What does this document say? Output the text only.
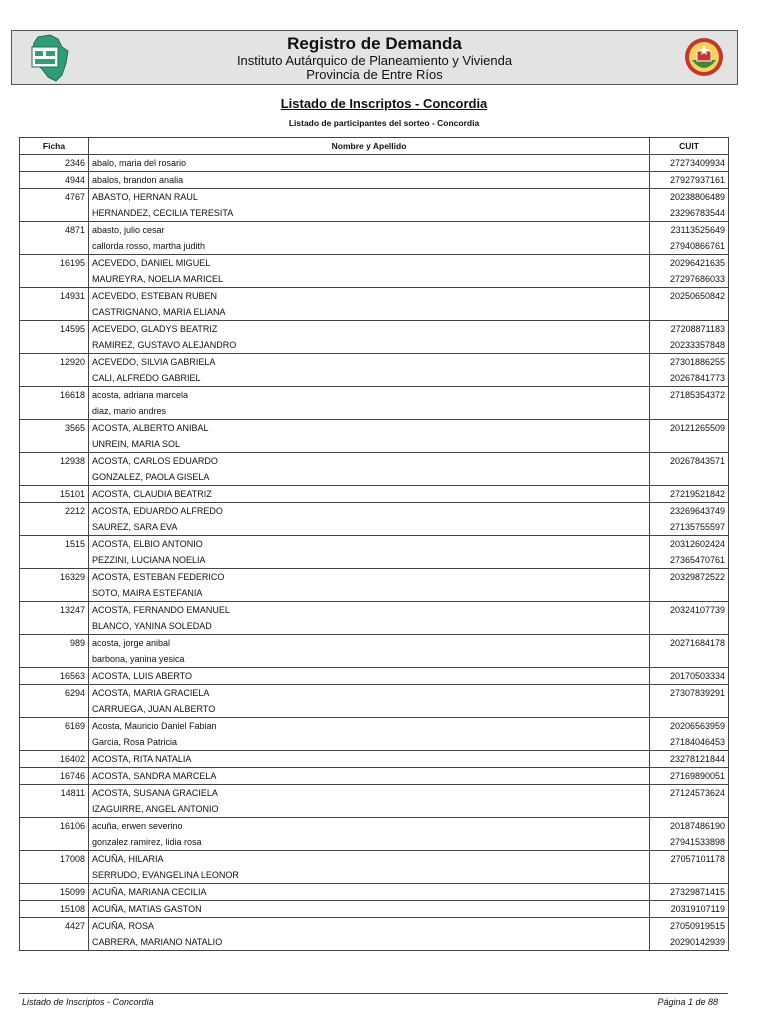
Registro de Demanda
Instituto Autárquico de Planeamiento y Vivienda
Provincia de Entre Ríos
Listado de Inscriptos - Concordia
Listado de participantes del sorteo - Concordia
Ficha	Nombre y Apellido	CUIT
2346	abalo, maria del rosario	27273409934
4944	abalos, brandon analia	27927937161
4767	ABASTO, HERNAN RAUL	20238806489
	HERNANDEZ, CECILIA TERESITA	23296783544
4871	abasto, julio cesar	23113525649
	callorda rosso, martha judith	27940866761
16195	ACEVEDO, DANIEL MIGUEL	20296421635
	MAUREYRA, NOELIA MARICEL	27297686033
14931	ACEVEDO, ESTEBAN RUBEN	20250650842
	CASTRIGNANO, MARIA ELIANA	
14595	ACEVEDO, GLADYS BEATRIZ	27208871183
	RAMIREZ, GUSTAVO ALEJANDRO	20233357848
12920	ACEVEDO, SILVIA GABRIELA	27301886255
	CALI, ALFREDO GABRIEL	20267841773
16618	acosta, adriana marcela	27185354372
	diaz, mario andres	
3565	ACOSTA, ALBERTO ANIBAL	20121265509
	UNREIN, MARIA SOL	
12938	ACOSTA, CARLOS EDUARDO	20267843571
	GONZALEZ, PAOLA GISELA	
15101	ACOSTA, CLAUDIA BEATRIZ	27219521842
2212	ACOSTA, EDUARDO ALFREDO	23269643749
	SAUREZ, SARA EVA	27135755597
1515	ACOSTA, ELBIO ANTONIO	20312602424
	PEZZINI, LUCIANA NOELIA	27365470761
16329	ACOSTA, ESTEBAN FEDERICO	20329872522
	SOTO, MAIRA ESTEFANIA	
13247	ACOSTA, FERNANDO EMANUEL	20324107739
	BLANCO, YANINA SOLEDAD	
989	acosta, jorge anibal	20271684178
	barbona, yanina yesica	
16563	ACOSTA, LUIS ABERTO	20170503334
6294	ACOSTA, MARIA GRACIELA	27307839291
	CARRUEGA, JUAN ALBERTO	
6169	Acosta, Mauricio Daniel Fabian	20206563959
	Garcia, Rosa Patricia	27184046453
16402	ACOSTA, RITA NATALIA	23278121844
16746	ACOSTA, SANDRA MARCELA	27169890051
14811	ACOSTA, SUSANA GRACIELA	27124573624
	IZAGUIRRE, ANGEL ANTONIO	
16106	acuña, erwen severino	20187486190
	gonzalez ramirez, lidia rosa	27941533898
17008	ACUÑA, HILARIA	27057101178
	SERRUDO, EVANGELINA LEONOR	
15099	ACUÑA, MARIANA CECILIA	27329871415
15108	ACUÑA, MATIAS GASTON	20319107119
4427	ACUÑA, ROSA	27050919515
	CABRERA, MARIANO NATALIO	20290142939
Listado de Inscriptos - Concordia	Página 1 de 88
